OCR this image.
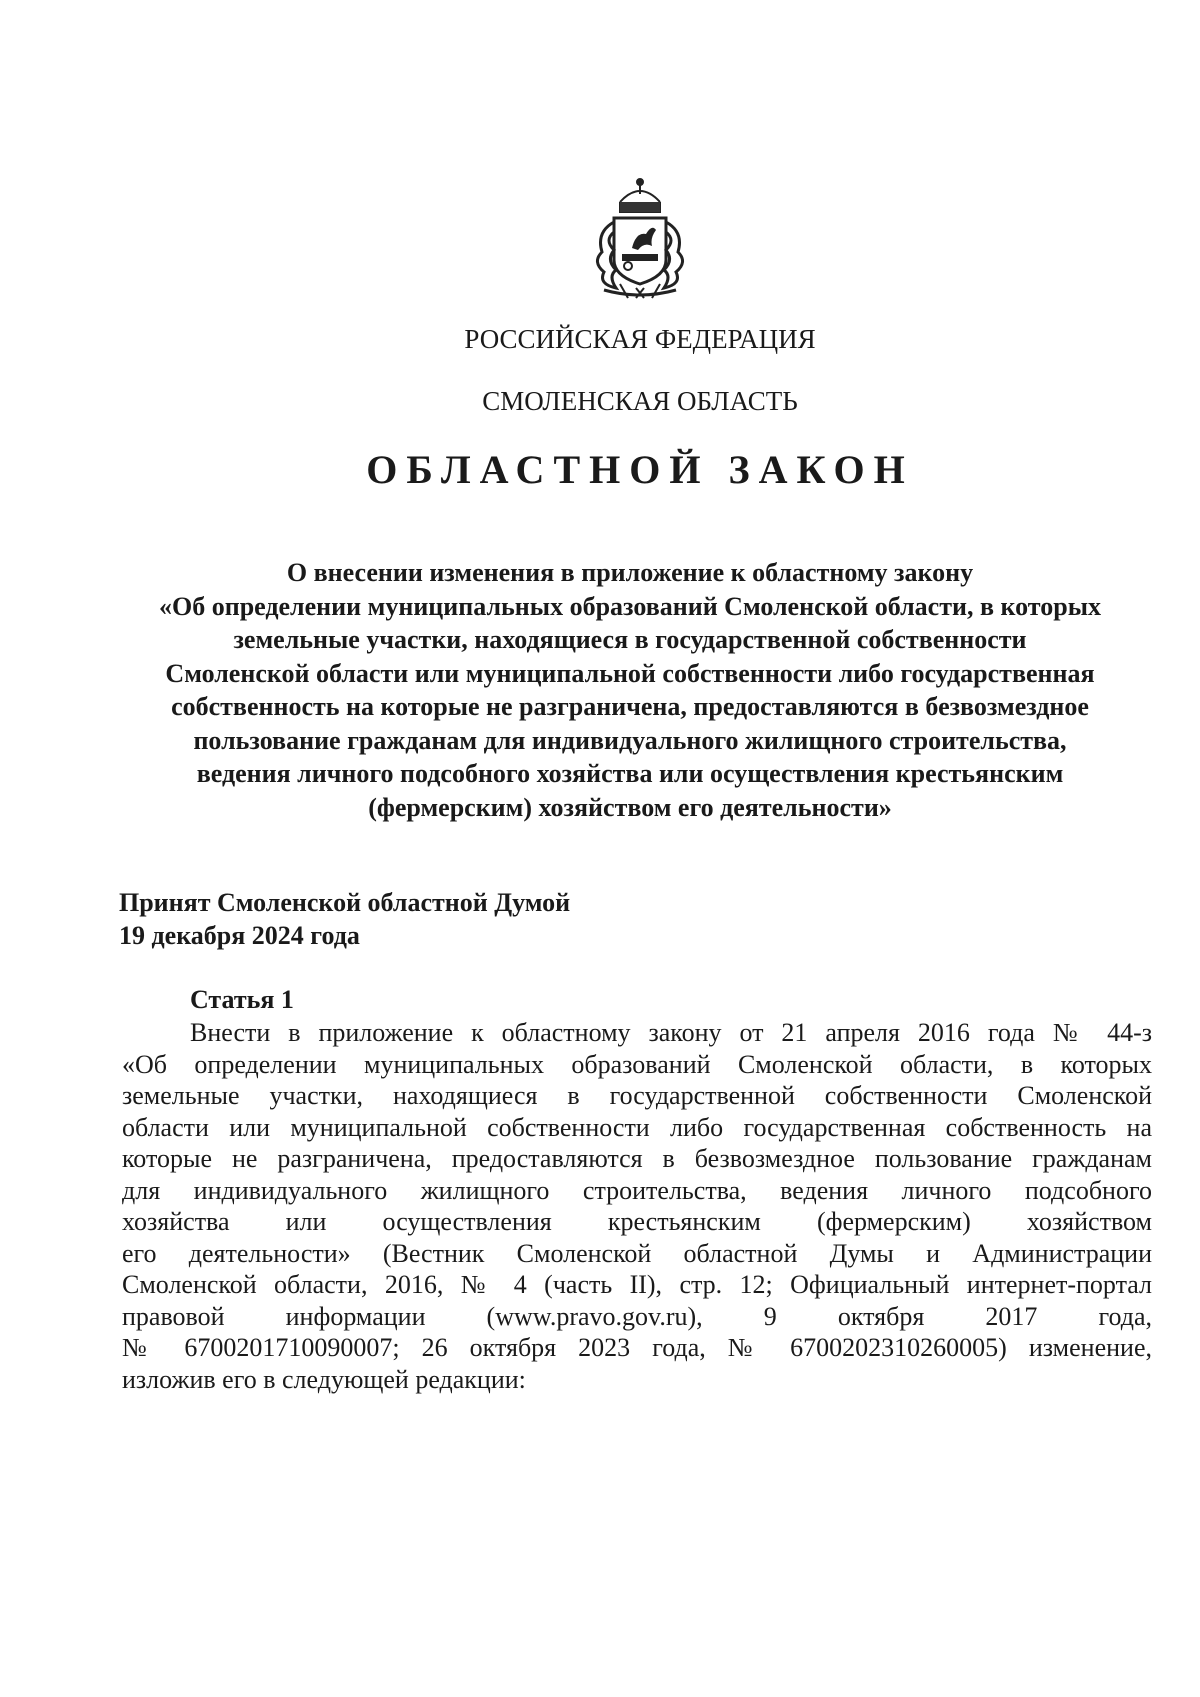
РОССИЙСКАЯ ФЕДЕРАЦИЯ
СМОЛЕНСКАЯ ОБЛАСТЬ
ОБЛАСТНОЙ ЗАКОН
О внесении изменения в приложение к областному закону
«Об определении муниципальных образований Смоленской области, в которых
земельные участки, находящиеся в государственной собственности
Смоленской области или муниципальной собственности либо государственная
собственность на которые не разграничена, предоставляются в безвозмездное
пользование гражданам для индивидуального жилищного строительства,
ведения личного подсобного хозяйства или осуществления крестьянским
(фермерским) хозяйством его деятельности»
Принят Смоленской областной Думой
19 декабря 2024 года
Статья 1
Внести в приложение к областному закону от 21 апреля 2016 года № 44-з
«Об определении муниципальных образований Смоленской области, в которых
земельные участки, находящиеся в государственной собственности Смоленской
области или муниципальной собственности либо государственная собственность на
которые не разграничена, предоставляются в безвозмездное пользование гражданам
для индивидуального жилищного строительства, ведения личного подсобного
хозяйства или осуществления крестьянским (фермерским) хозяйством
его деятельности» (Вестник Смоленской областной Думы и Администрации
Смоленской области, 2016, № 4 (часть II), стр. 12; Официальный интернет-портал
правовой информации (www.pravo.gov.ru), 9 октября 2017 года,
№ 6700201710090007; 26 октября 2023 года, № 6700202310260005) изменение,
изложив его в следующей редакции:
